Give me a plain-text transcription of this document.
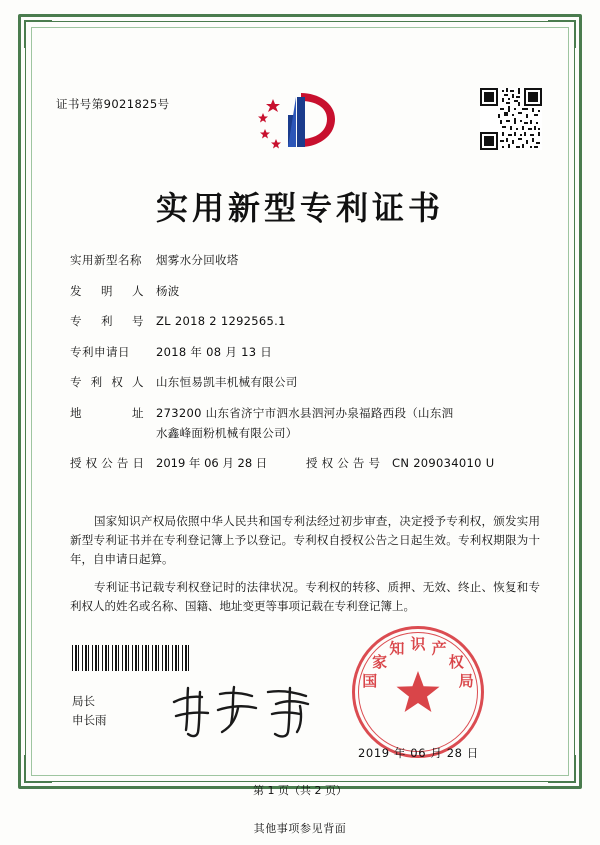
证书号第9021825号
实用新型专利证书
实用新型名称	烟雾水分回收塔
发 明 人 杨波
专 利 号 ZL 2018 2 1292565.1
专利申请日	2018 年 08 月 13 日
专 利 权 人 山东恒易凯丰机械有限公司
地	址 273200 山东省济宁市泗水县泗河办泉福路西段（山东泗
水鑫峰面粉机械有限公司）
授 权 公 告 日 2019 年 06 月 28 日	授 权 公 告 号 CN 209034010 U
国家知识产权局依照中华人民共和国专利法经过初步审查，决定授予专利权，颁发实用新型专利证书并在专利登记簿上予以登记。专利权自授权公告之日起生效。专利权期限为十年，自申请日起算。
专利证书记载专利权登记时的法律状况。专利权的转移、质押、无效、终止、恢复和专利权人的姓名或名称、国籍、地址变更等事项记载在专利登记簿上。
国
家
知 识 产
权
局
局长
申长雨
2019 年 06 月 28 日
第 1 页（共 2 页）
其他事项参见背面
